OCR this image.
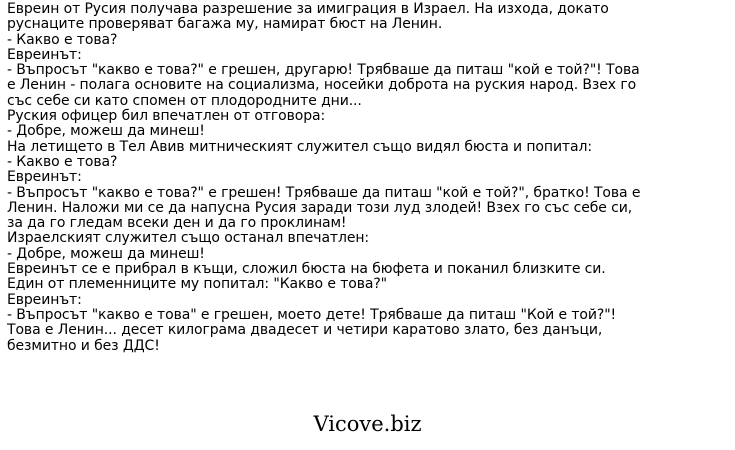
Евреин от Русия получава разрешение за имиграция в Израел. На изхода, докато
руснаците проверяват багажа му, намират бюст на Ленин.
- Какво е това?
Евреинът:
- Въпросът "какво е това?" е грешен, другарю! Трябваше да питаш "кой е той?"! Това
е Ленин - полага основите на социализма, носейки доброта на руския народ. Взех го
със себе си като спомен от плодородните дни...
Руския офицер бил впечатлен от отговора:
- Добре, можеш да минеш!
На летището в Тел Авив митническият служител също видял бюста и попитал:
- Какво е това?
Евреинът:
- Въпросът "какво е това?" е грешен! Трябваше да питаш "кой е той?", братко! Това е
Ленин. Наложи ми се да напусна Русия заради този луд злодей! Взех го със себе си,
за да го гледам всеки ден и да го проклинам!
Израелският служител също останал впечатлен:
- Добре, можеш да минеш!
Евреинът се е прибрал в къщи, сложил бюста на бюфета и поканил близките си.
Един от племенниците му попитал: "Какво е това?"
Евреинът:
- Въпросът "какво е това" е грешен, моето дете! Трябваше да питаш "Кой е той?"!
Това е Ленин... десет килограма двадесет и четири каратово злато, без данъци,
безмитно и без ДДС!
Vicove.biz
